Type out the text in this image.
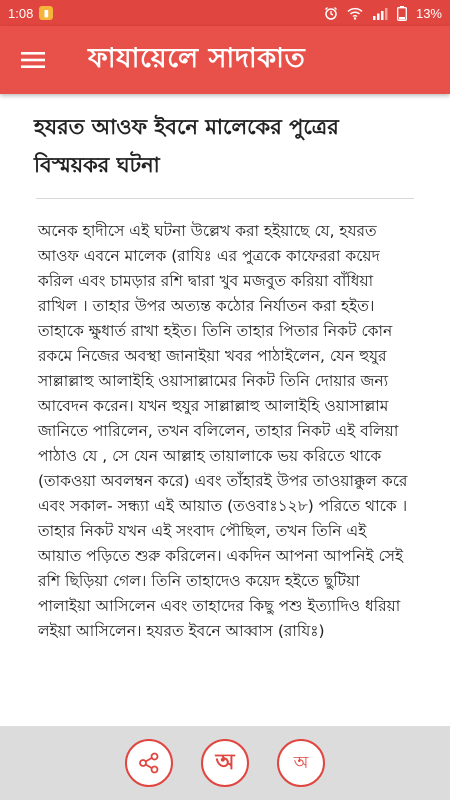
1:08	▮	13%
ফাযায়েলে সাদাকাত
হযরত আওফ ইবনে মালেকের পুত্রের বিস্ময়কর ঘটনা

অনেক হাদীসে এই ঘটনা উল্লেখ করা হইয়াছে যে, হযরত আওফ এবনে মালেক (রাযিঃ এর পুত্রকে কাফেররা কয়েদ করিল এবং চামড়ার রশি দ্বারা খুব মজবুত করিয়া বাঁধিয়া রাখিল । তাহার উপর অত্যন্ত কঠোর নির্যাতন করা হইত। তাহাকে ক্ষুধার্ত রাখা হইত। তিনি তাহার পিতার নিকট কোন রকমে নিজের অবস্থা জানাইয়া খবর পাঠাইলেন, যেন হুযুর সাল্লাল্লাহু আলাইহি ওয়াসাল্লামের নিকট তিনি দোয়ার জন্য আবেদন করেন। যখন হুযুর সাল্লাল্লাহু আলাইহি ওয়াসাল্লাম জানিতে পারিলেন, তখন বলিলেন, তাহার নিকট এই বলিয়া পাঠাও যে , সে যেন আল্লাহ তায়ালাকে ভয় করিতে থাকে (তাকওয়া অবলম্বন করে) এবং তাঁহারই উপর তাওয়াক্কুল করে এবং সকাল- সন্ধ্যা এই আয়াত (তওবাঃ১২৮) পরিতে থাকে । তাহার নিকট যখন এই সংবাদ পৌছিল, তখন তিনি এই আয়াত পড়িতে শুরু করিলেন। একদিন আপনা আপনিই সেই রশি ছিড়িয়া গেল। তিনি তাহাদেও কয়েদ হইতে ছুটিয়া পালাইয়া আসিলেন এবং তাহাদের কিছু পশু ইত্যাদিও ধরিয়া লইয়া আসিলেন। হযরত ইবনে আব্বাস (রাযিঃ)

অ	অ
